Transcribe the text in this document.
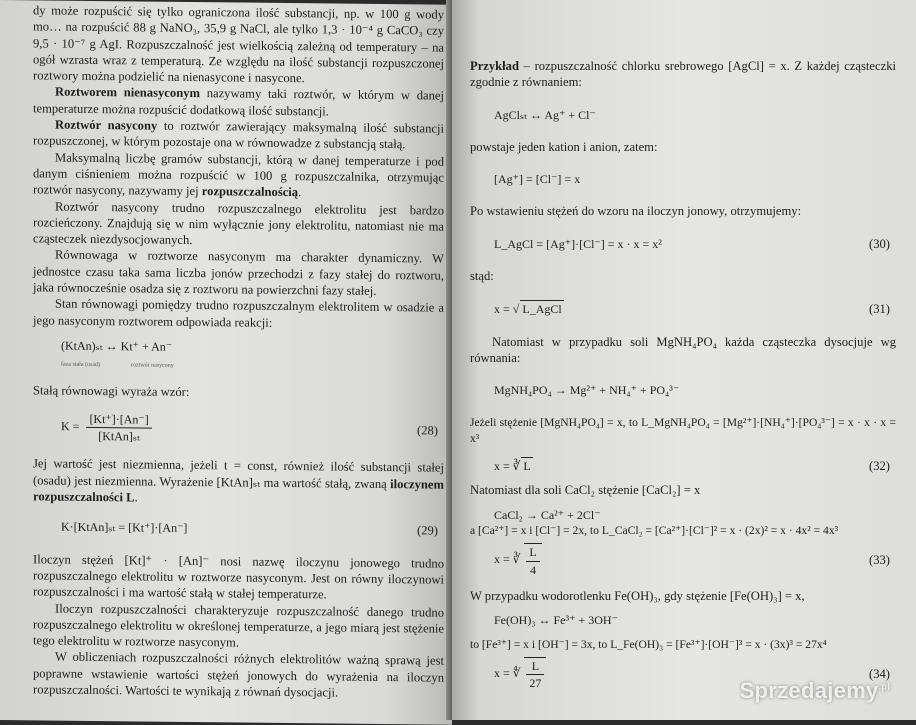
dy może rozpuścić się tylko ograniczona ilość substancji, np. w 100 g wody mo… na rozpuścić 88 g NaNO₃, 35,9 g NaCl, ale tylko 1,3 · 10⁻⁴ g CaCO₃ czy 9,5 · 10⁻⁷ g AgI. Rozpuszczalność jest wielkością zależną od temperatury – na ogół wzrasta wraz z temperaturą. Ze względu na ilość substancji rozpuszczonej roztwory można podzielić na nienasycone i nasycone.

Roztworem nienasyconym nazywamy taki roztwór, w którym w danej temperaturze można rozpuścić dodatkową ilość substancji.

Roztwór nasycony to roztwór zawierający maksymalną ilość substancji rozpuszczonej, w którym pozostaje ona w równowadze z substancją stałą.

Maksymalną liczbę gramów substancji, którą w danej temperaturze i pod danym ciśnieniem można rozpuścić w 100 g rozpuszczalnika, otrzymując roztwór nasycony, nazywamy jej rozpuszczalnością.

Roztwór nasycony trudno rozpuszczalnego elektrolitu jest bardzo rozcieńczony. Znajdują się w nim wyłącznie jony elektrolitu, natomiast nie ma cząsteczek niezdysocjowanych.

Równowaga w roztworze nasyconym ma charakter dynamiczny. W jednostce czasu taka sama liczba jonów przechodzi z fazy stałej do roztworu, jaka równocześnie osadza się z roztworu na powierzchni fazy stałej.

Stan równowagi pomiędzy trudno rozpuszczalnym elektrolitem w osadzie a jego nasyconym roztworem odpowiada reakcji:

(KtAn)ₛₜ ↔ Kt⁺ + An⁻
faza stała (osad)	roztwór nasycony

Stałą równowagi wyraża wzór:

$K = \frac{[Kt^+]\cdot[An^-]}{\text{[KtAn]ₛₜ}}$	(28)

Jej wartość jest niezmienna, jeżeli t = const, również ilość substancji stałej (osadu) jest niezmienna. Wyrażenie [KtAn]ₛₜ ma wartość stałą, zwaną iloczynem rozpuszczalności L.

K·[KtAn]ₛₜ = [Kt⁺]·[An⁻]	(29)

Iloczyn stężeń [Kt]⁺ · [An]⁻ nosi nazwę iloczynu jonowego trudno rozpuszczalnego elektrolitu w roztworze nasyconym. Jest on równy iloczynowi rozpuszczalności i ma wartość stałą w stałej temperaturze.

Iloczyn rozpuszczalności charakteryzuje rozpuszczalność danego trudno rozpuszczalnego elektrolitu w określonej temperaturze, a jego miarą jest stężenie tego elektrolitu w roztworze nasyconym.

W obliczeniach rozpuszczalności różnych elektrolitów ważną sprawą jest poprawne wstawienie wartości stężeń jonowych do wyrażenia na iloczyn rozpuszczalności. Wartości te wynikają z równań dysocjacji.

Przykład – rozpuszczalność chlorku srebrowego [AgCl] = x. Z każdej cząsteczki zgodnie z równaniem:

AgClₛₜ ↔ Ag⁺ + Cl⁻

powstaje jeden kation i anion, zatem:

[Ag⁺] = [Cl⁻] = x

Po wstawieniu stężeń do wzoru na iloczyn jonowy, otrzymujemy:

L_AgCl = [Ag⁺]·[Cl⁻] = x · x = x²	(30)

stąd:

x = √ L_AgCl	(31)

Natomiast w przypadku soli MgNH₄PO₄ każda cząsteczka dysocjuje wg równania:

MgNH₄PO₄ → Mg²⁺ + NH₄⁺ + PO₄³⁻

Jeżeli stężenie [MgNH₄PO₄] = x, to L_MgNH₄PO₄ = [Mg²⁺]·[NH₄⁺]·[PO₄³⁻] = x · x · x = x³

x = ∛ L	(32)

Natomiast dla soli CaCl₂ stężenie [CaCl₂] = x

CaCl₂ → Ca²⁺ + 2Cl⁻

a [Ca²⁺] = x i [Cl⁻] = 2x, to L_CaCl₂ = [Ca²⁺]·[Cl⁻]² = x · (2x)² = x · 4x² = 4x³

x = ∛ $\frac{L}{4}$	(33)

W przypadku wodorotlenku Fe(OH)₃, gdy stężenie [Fe(OH)₃] = x,

Fe(OH)₃ ↔ Fe³⁺ + 3OH⁻

to [Fe³⁺] = x i [OH⁻] = 3x, to L_Fe(OH)₃ = [Fe³⁺]·[OH⁻]³ = x · (3x)³ = 27x⁴

x = ∜ $\frac{L}{27}$	(34)
Sprzedajemy$^{.pl}$
